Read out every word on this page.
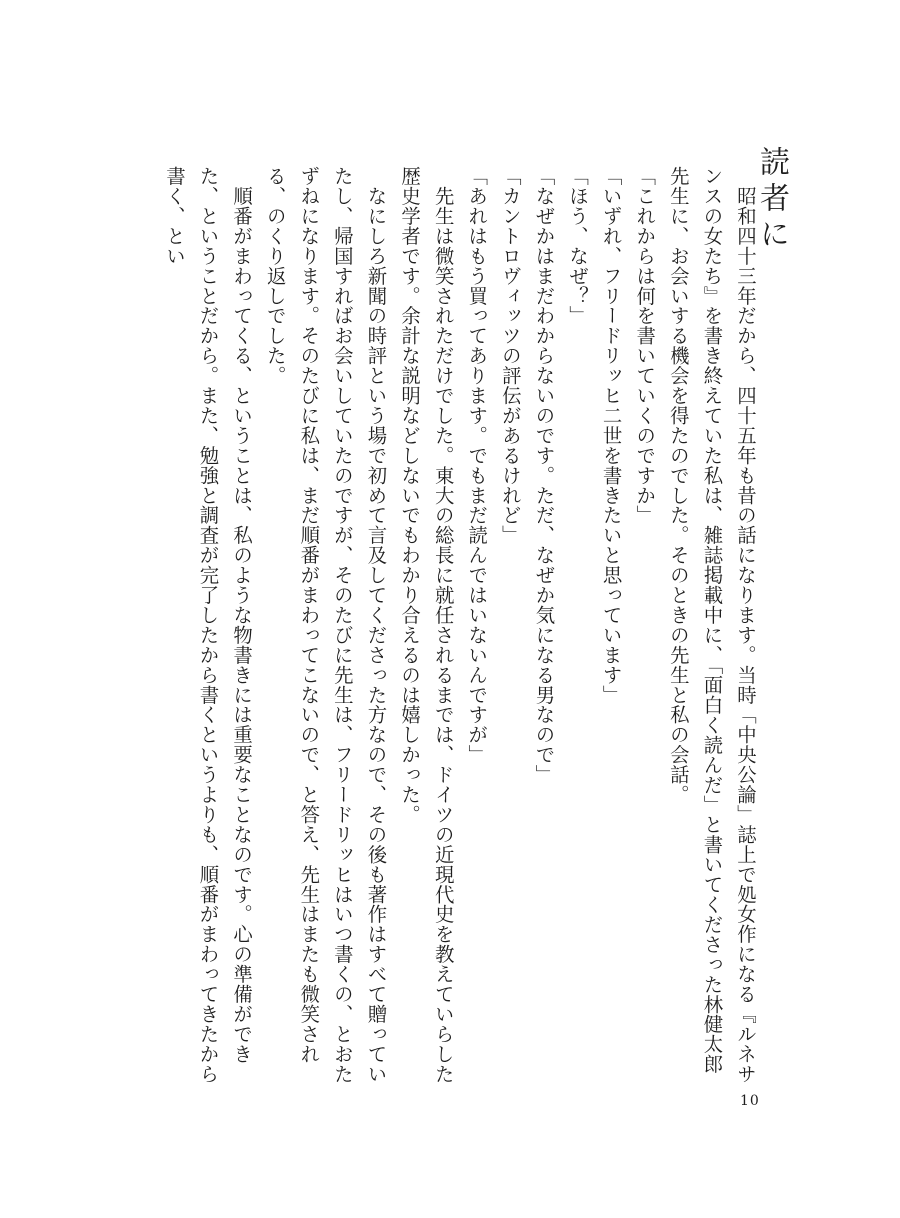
読者に

　昭和四十三年だから、四十五年も昔の話になります。当時「中央公論」誌上で処女作になる『ルネサンスの女たち』を書き終えていた私は、雑誌掲載中に、「面白く読んだ」と書いてくださった林健太郎先生に、お会いする機会を得たのでした。そのときの先生と私の会話。

「これからは何を書いていくのですか」

「いずれ、フリードリッヒ二世を書きたいと思っています」

「ほう、なぜ？」

「なぜかはまだわからないのです。ただ、なぜか気になる男なので」

「カントロヴィッツの評伝があるけれど」

「あれはもう買ってあります。でもまだ読んではいないんですが」

　先生は微笑されただけでした。東大の総長に就任されるまでは、ドイツの近現代史を教えていらした歴史学者です。余計な説明などしないでもわかり合えるのは嬉しかった。

　なにしろ新聞の時評という場で初めて言及してくださった方なので、その後も著作はすべて贈っていたし、帰国すればお会いしていたのですが、そのたびに先生は、フリードリッヒはいつ書くの、とおたずねになります。そのたびに私は、まだ順番がまわってこないので、と答え、先生はまたも微笑される、のくり返しでした。

　順番がまわってくる、ということは、私のような物書きには重要なことなのです。心の準備ができた、ということだから。また、勉強と調査が完了したから書くというよりも、順番がまわってきたから書く、とい

10
